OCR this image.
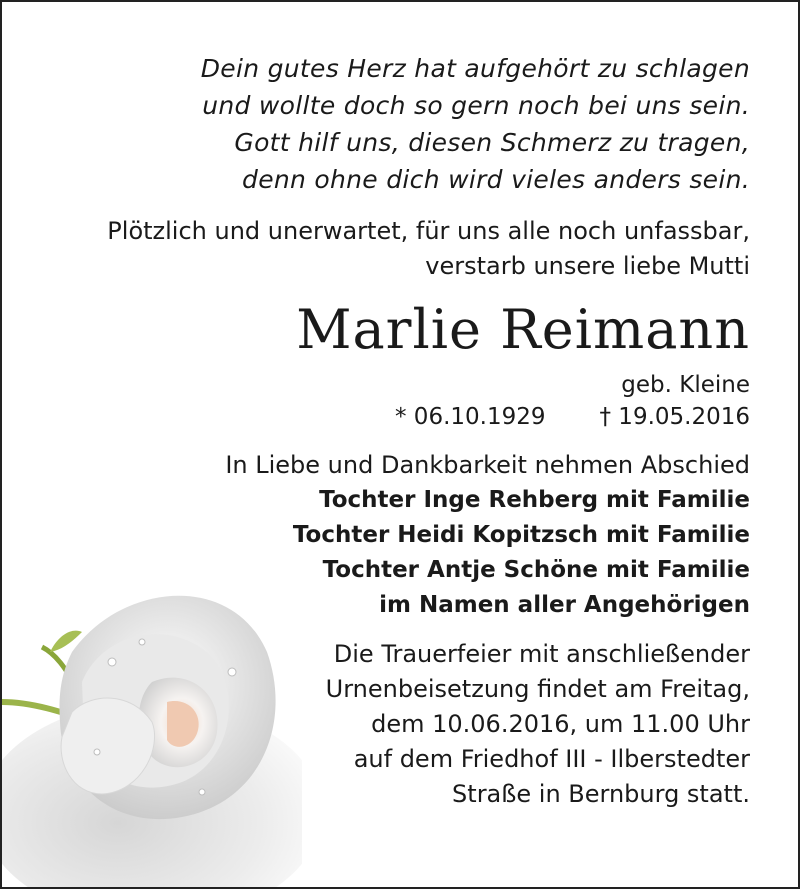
Dein gutes Herz hat aufgehört zu schlagen

und wollte doch so gern noch bei uns sein.

Gott hilf uns, diesen Schmerz zu tragen,

denn ohne dich wird vieles anders sein.

Plötzlich und unerwartet, für uns alle noch unfassbar,

verstarb unsere liebe Mutti

Marlie Reimann
geb. Kleine
* 06.10.1929 † 19.05.2016

In Liebe und Dankbarkeit nehmen Abschied

Tochter Inge Rehberg mit Familie

Tochter Heidi Kopitzsch mit Familie

Tochter Antje Schöne mit Familie

im Namen aller Angehörigen

Die Trauerfeier mit anschließender

Urnenbeisetzung findet am Freitag,

dem 10.06.2016, um 11.00 Uhr

auf dem Friedhof III - Ilberstedter

Straße in Bernburg statt.
